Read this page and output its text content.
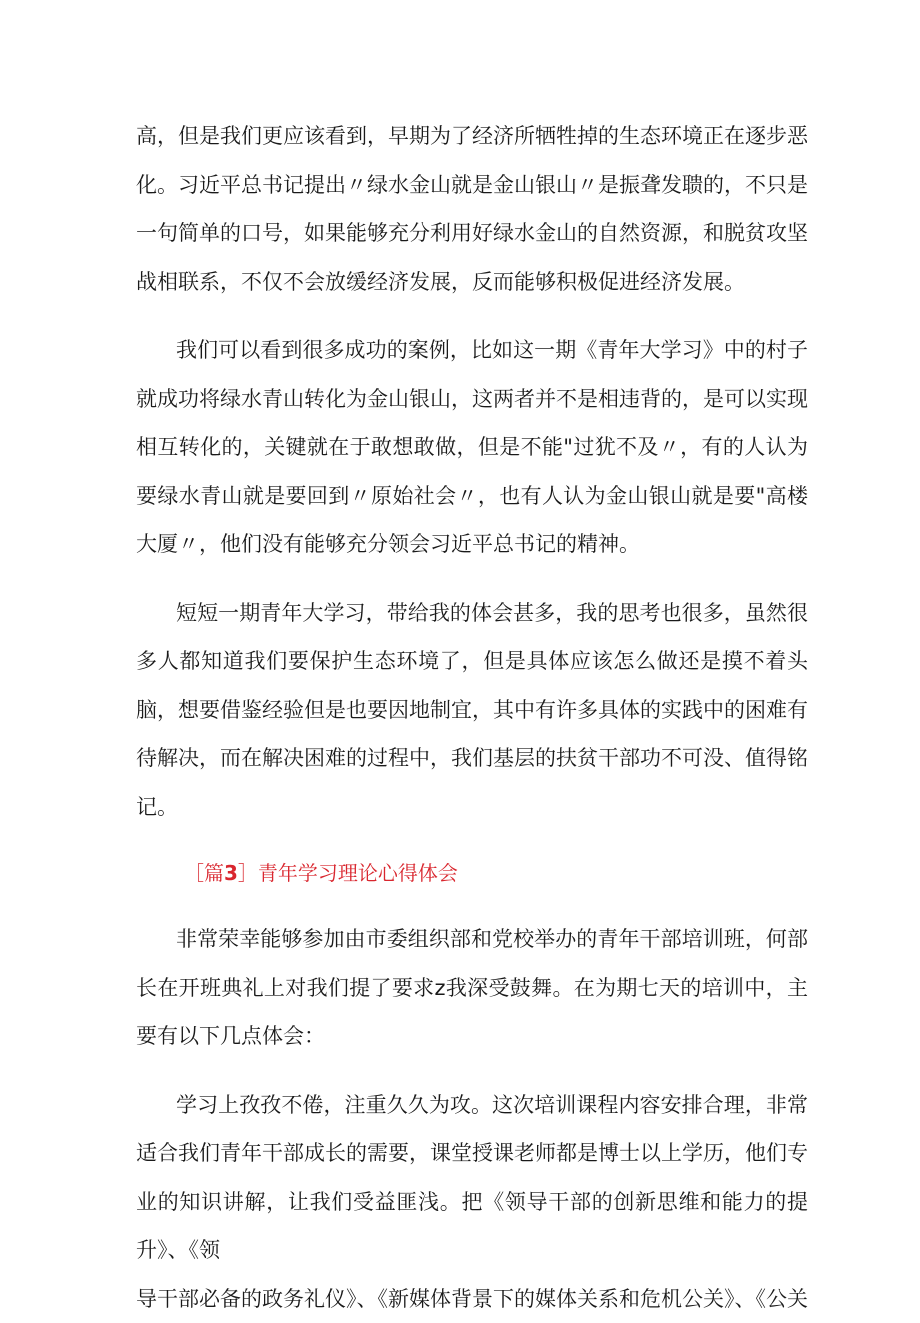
高，但是我们更应该看到，早期为了经济所牺牲掉的生态环境正在逐步恶化。习近平总书记提出〃绿水金山就是金山银山〃是振聋发聩的，不只是一句简单的口号，如果能够充分利用好绿水金山的自然资源，和脱贫攻坚战相联系，不仅不会放缓经济发展，反而能够积极促进经济发展。

我们可以看到很多成功的案例，比如这一期《青年大学习》中的村子就成功将绿水青山转化为金山银山，这两者并不是相违背的，是可以实现相互转化的，关键就在于敢想敢做，但是不能"过犹不及〃，有的人认为要绿水青山就是要回到〃原始社会〃，也有人认为金山银山就是要"高楼大厦〃，他们没有能够充分领会习近平总书记的精神。

短短一期青年大学习，带给我的体会甚多，我的思考也很多，虽然很多人都知道我们要保护生态环境了，但是具体应该怎么做还是摸不着头脑，想要借鉴经验但是也要因地制宜，其中有许多具体的实践中的困难有待解决，而在解决困难的过程中，我们基层的扶贫干部功不可没、值得铭记。

［篇3］青年学习理论心得体会

非常荣幸能够参加由市委组织部和党校举办的青年干部培训班，何部长在开班典礼上对我们提了要求z我深受鼓舞。在为期七天的培训中，主要有以下几点体会：

学习上孜孜不倦，注重久久为攻。这次培训课程内容安排合理，非常适合我们青年干部成长的需要，课堂授课老师都是博士以上学历，他们专业的知识讲解，让我们受益匪浅。把《领导干部的创新思维和能力的提升》、《领

导干部必备的政务礼仪》、《新媒体背景下的媒体关系和危机公关》、《公关
